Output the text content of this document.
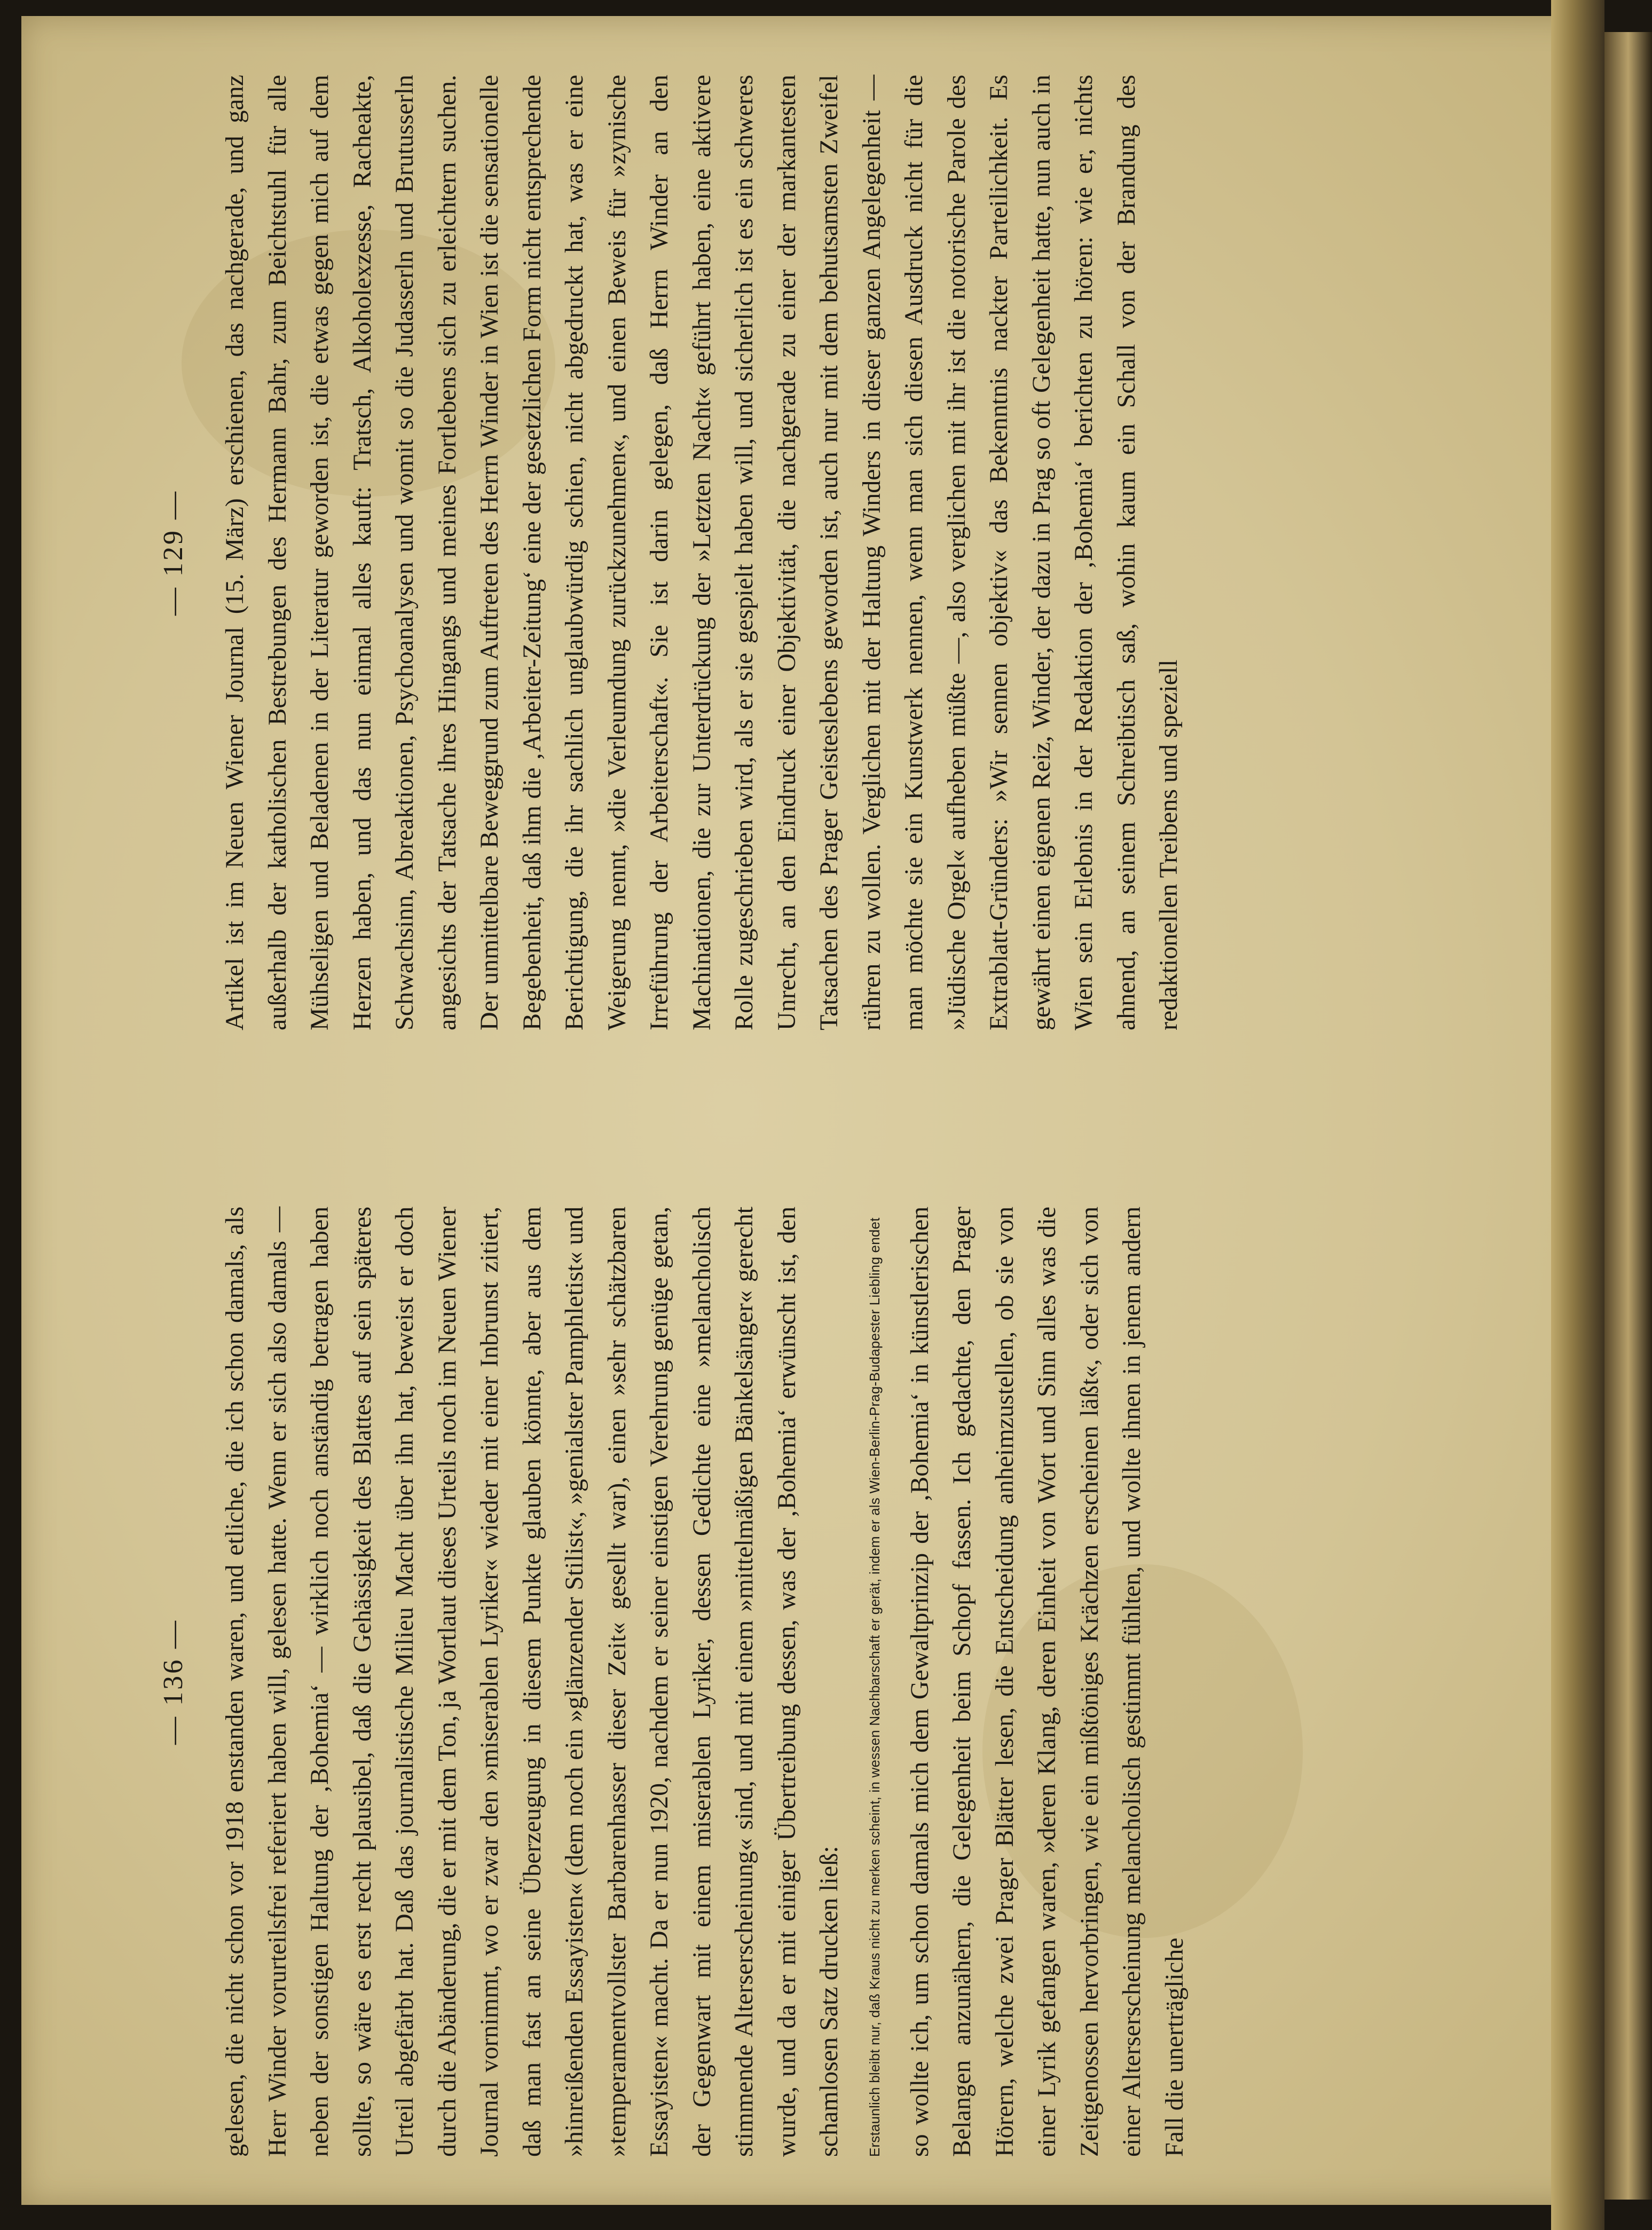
— 136 —	gelesen, die nicht schon vor 1918 enstanden waren, und etliche, die ich schon damals, als Herr Winder vorurteilsfrei referiert haben will, gelesen hatte. Wenn er sich also damals — neben der sonstigen Haltung der ‚Bohemia‘ — wirklich noch anständig betragen haben sollte, so wäre es erst recht plausibel, daß die Gehässigkeit des Blattes auf sein späteres Urteil abgefärbt hat. Daß das journalistische Milieu Macht über ihn hat, beweist er doch durch die Abänderung, die er mit dem Ton, ja Wortlaut dieses Urteils noch im Neuen Wiener Journal vornimmt, wo er zwar den »miserablen Lyriker« wieder mit einer Inbrunst zitiert, daß man fast an seine Überzeugung in diesem Punkte glauben könnte, aber aus dem »hinreißenden Essayisten« (dem noch ein »glänzender Stilist«, »genialster Pamphletist« und »temperamentvollster Barbarenhasser dieser Zeit« gesellt war), einen »sehr schätzbaren Essayisten« macht. Da er nun 1920, nachdem er seiner einstigen Verehrung genüge getan, der Gegenwart mit einem miserablen Lyriker, dessen Gedichte eine »melancholisch stimmende Alterserscheinung« sind, und mit einem »mittelmäßigen Bänkelsänger« gerecht wurde, und da er mit einiger Übertreibung dessen, was der ‚Bohemia‘ erwünscht ist, den schamlosen Satz drucken ließ:	Erstaunlich bleibt nur, daß Kraus nicht zu merken scheint, in wessen Nachbarschaft er gerät, indem er als Wien-Berlin-Prag-Budapester Liebling endet so wollte ich, um schon damals mich dem Gewaltprinzip der ‚Bohemia‘ in künstlerischen Belangen anzunähern, die Gelegenheit beim Schopf fassen. Ich gedachte, den Prager Hörern, welche zwei Prager Blätter lesen, die Entscheidung anheimzustellen, ob sie von einer Lyrik gefangen waren, »deren Klang, deren Einheit von Wort und Sinn alles was die Zeitgenossen hervorbringen, wie ein mißtöniges Krächzen erscheinen läßt«, oder sich von einer Alterserscheinung melancholisch gestimmt fühlten, und wollte ihnen in jenem andern Fall die unerträgliche

— 129 —	Artikel ist im Neuen Wiener Journal (15. März) erschienen, das nachgerade, und ganz außerhalb der katholischen Bestrebungen des Hermann Bahr, zum Beichtstuhl für alle Mühseligen und Beladenen in der Literatur geworden ist, die etwas gegen mich auf dem Herzen haben, und das nun einmal alles kauft: Tratsch, Alkoholexzesse, Racheakte, Schwachsinn, Abreaktionen, Psychoanalysen und womit so die Judasserln und Brutusserln angesichts der Tatsache ihres Hingangs und meines Fortlebens sich zu erleichtern suchen. Der unmittelbare Beweggrund zum Auftreten des Herrn Winder in Wien ist die sensationelle Begebenheit, daß ihm die ‚Arbeiter-Zeitung‘ eine der gesetzlichen Form nicht entsprechende Berichtigung, die ihr sachlich unglaubwürdig schien, nicht abgedruckt hat, was er eine Weigerung nennt, »die Verleumdung zurückzunehmen«, und einen Beweis für »zynische Irreführung der Arbeiterschaft«. Sie ist darin gelegen, daß Herrn Winder an den Machinationen, die zur Unterdrückung der »Letzten Nacht« geführt haben, eine aktivere Rolle zugeschrieben wird, als er sie gespielt haben will, und sicherlich ist es ein schweres Unrecht, an den Eindruck einer Objektivität, die nachgerade zu einer der markantesten Tatsachen des Prager Geisteslebens geworden ist, auch nur mit dem behutsamsten Zweifel rühren zu wollen. Verglichen mit der Haltung Winders in dieser ganzen Angelegenheit — man möchte sie ein Kunstwerk nennen, wenn man sich diesen Ausdruck nicht für die »Jüdische Orgel« aufheben müßte —, also verglichen mit ihr ist die notorische Parole des Extrablatt-Gründers: »Wir sennen objektiv« das Bekenntnis nackter Parteilichkeit. Es gewährt einen eigenen Reiz, Winder, der dazu in Prag so oft Gelegenheit hatte, nun auch in Wien sein Erlebnis in der Redaktion der ‚Bohemia‘ berichten zu hören: wie er, nichts ahnend, an seinem Schreibtisch saß, wohin kaum ein Schall von der Brandung des redaktionellen Treibens und speziell
